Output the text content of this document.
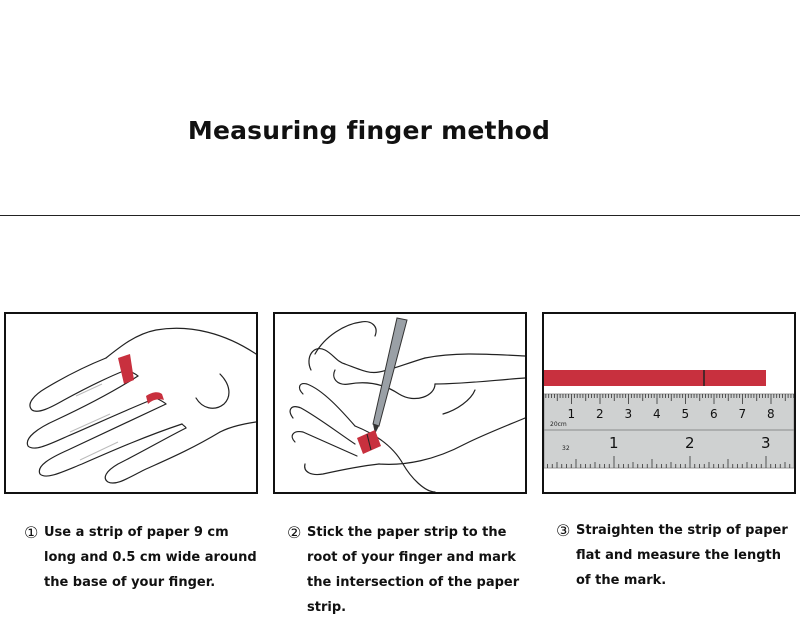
Measuring finger method
20cm
32
1 2 3 4 5 6 7 8
1	2	3
① Use a strip of paper 9 cm long and 0.5 cm wide around the base of your finger.
② Stick the paper strip to the root of your finger and mark the intersection of the paper strip.
③ Straighten the strip of paper flat and measure the length of the mark.
